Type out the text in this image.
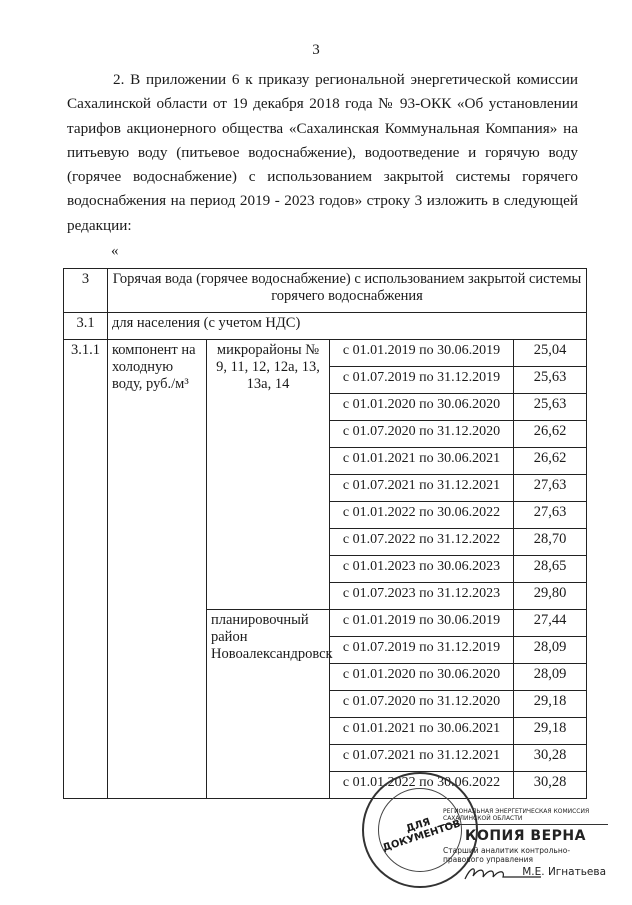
3

2. В приложении 6 к приказу региональной энергетической комиссии Сахалинской области от 19 декабря 2018 года № 93-ОКК «Об установлении тарифов акционерного общества «Сахалинская Коммунальная Компания» на питьевую воду (питьевое водоснабжение), водоотведение и горячую воду (горячее водоснабжение) с использованием закрытой системы горячего водоснабжения на период 2019 - 2023 годов» строку 3 изложить в следующей редакции:

«
3	Горячая вода (горячее водоснабжение) с использованием закрытой системы горячего водоснабжения			
3.1	для населения (с учетом НДС)			
3.1.1	компонент на холодную воду, руб./м³	микрорайоны № 9, 11, 12, 12а, 13, 13а, 14	с 01.01.2019 по 30.06.2019	25,04
			с 01.07.2019 по 31.12.2019	25,63
			с 01.01.2020 по 30.06.2020	25,63
			с 01.07.2020 по 31.12.2020	26,62
			с 01.01.2021 по 30.06.2021	26,62
			с 01.07.2021 по 31.12.2021	27,63
			с 01.01.2022 по 30.06.2022	27,63
			с 01.07.2022 по 31.12.2022	28,70
			с 01.01.2023 по 30.06.2023	28,65
			с 01.07.2023 по 31.12.2023	29,80
		планировочный район Новоалександровск	с 01.01.2019 по 30.06.2019	27,44
			с 01.07.2019 по 31.12.2019	28,09
			с 01.01.2020 по 30.06.2020	28,09
			с 01.07.2020 по 31.12.2020	29,18
			с 01.01.2021 по 30.06.2021	29,18
			с 01.07.2021 по 31.12.2021	30,28
			с 01.01.2022 по 30.06.2022	30,28
ДЛЯ ДОКУМЕНТОВ
РЕГИОНАЛЬНАЯ ЭНЕРГЕТИЧЕСКАЯ КОМИССИЯ САХАЛИНСКОЙ ОБЛАСТИ
КОПИЯ ВЕРНА
Старший аналитик контрольно-правового управления
М.Е. Игнатьева
